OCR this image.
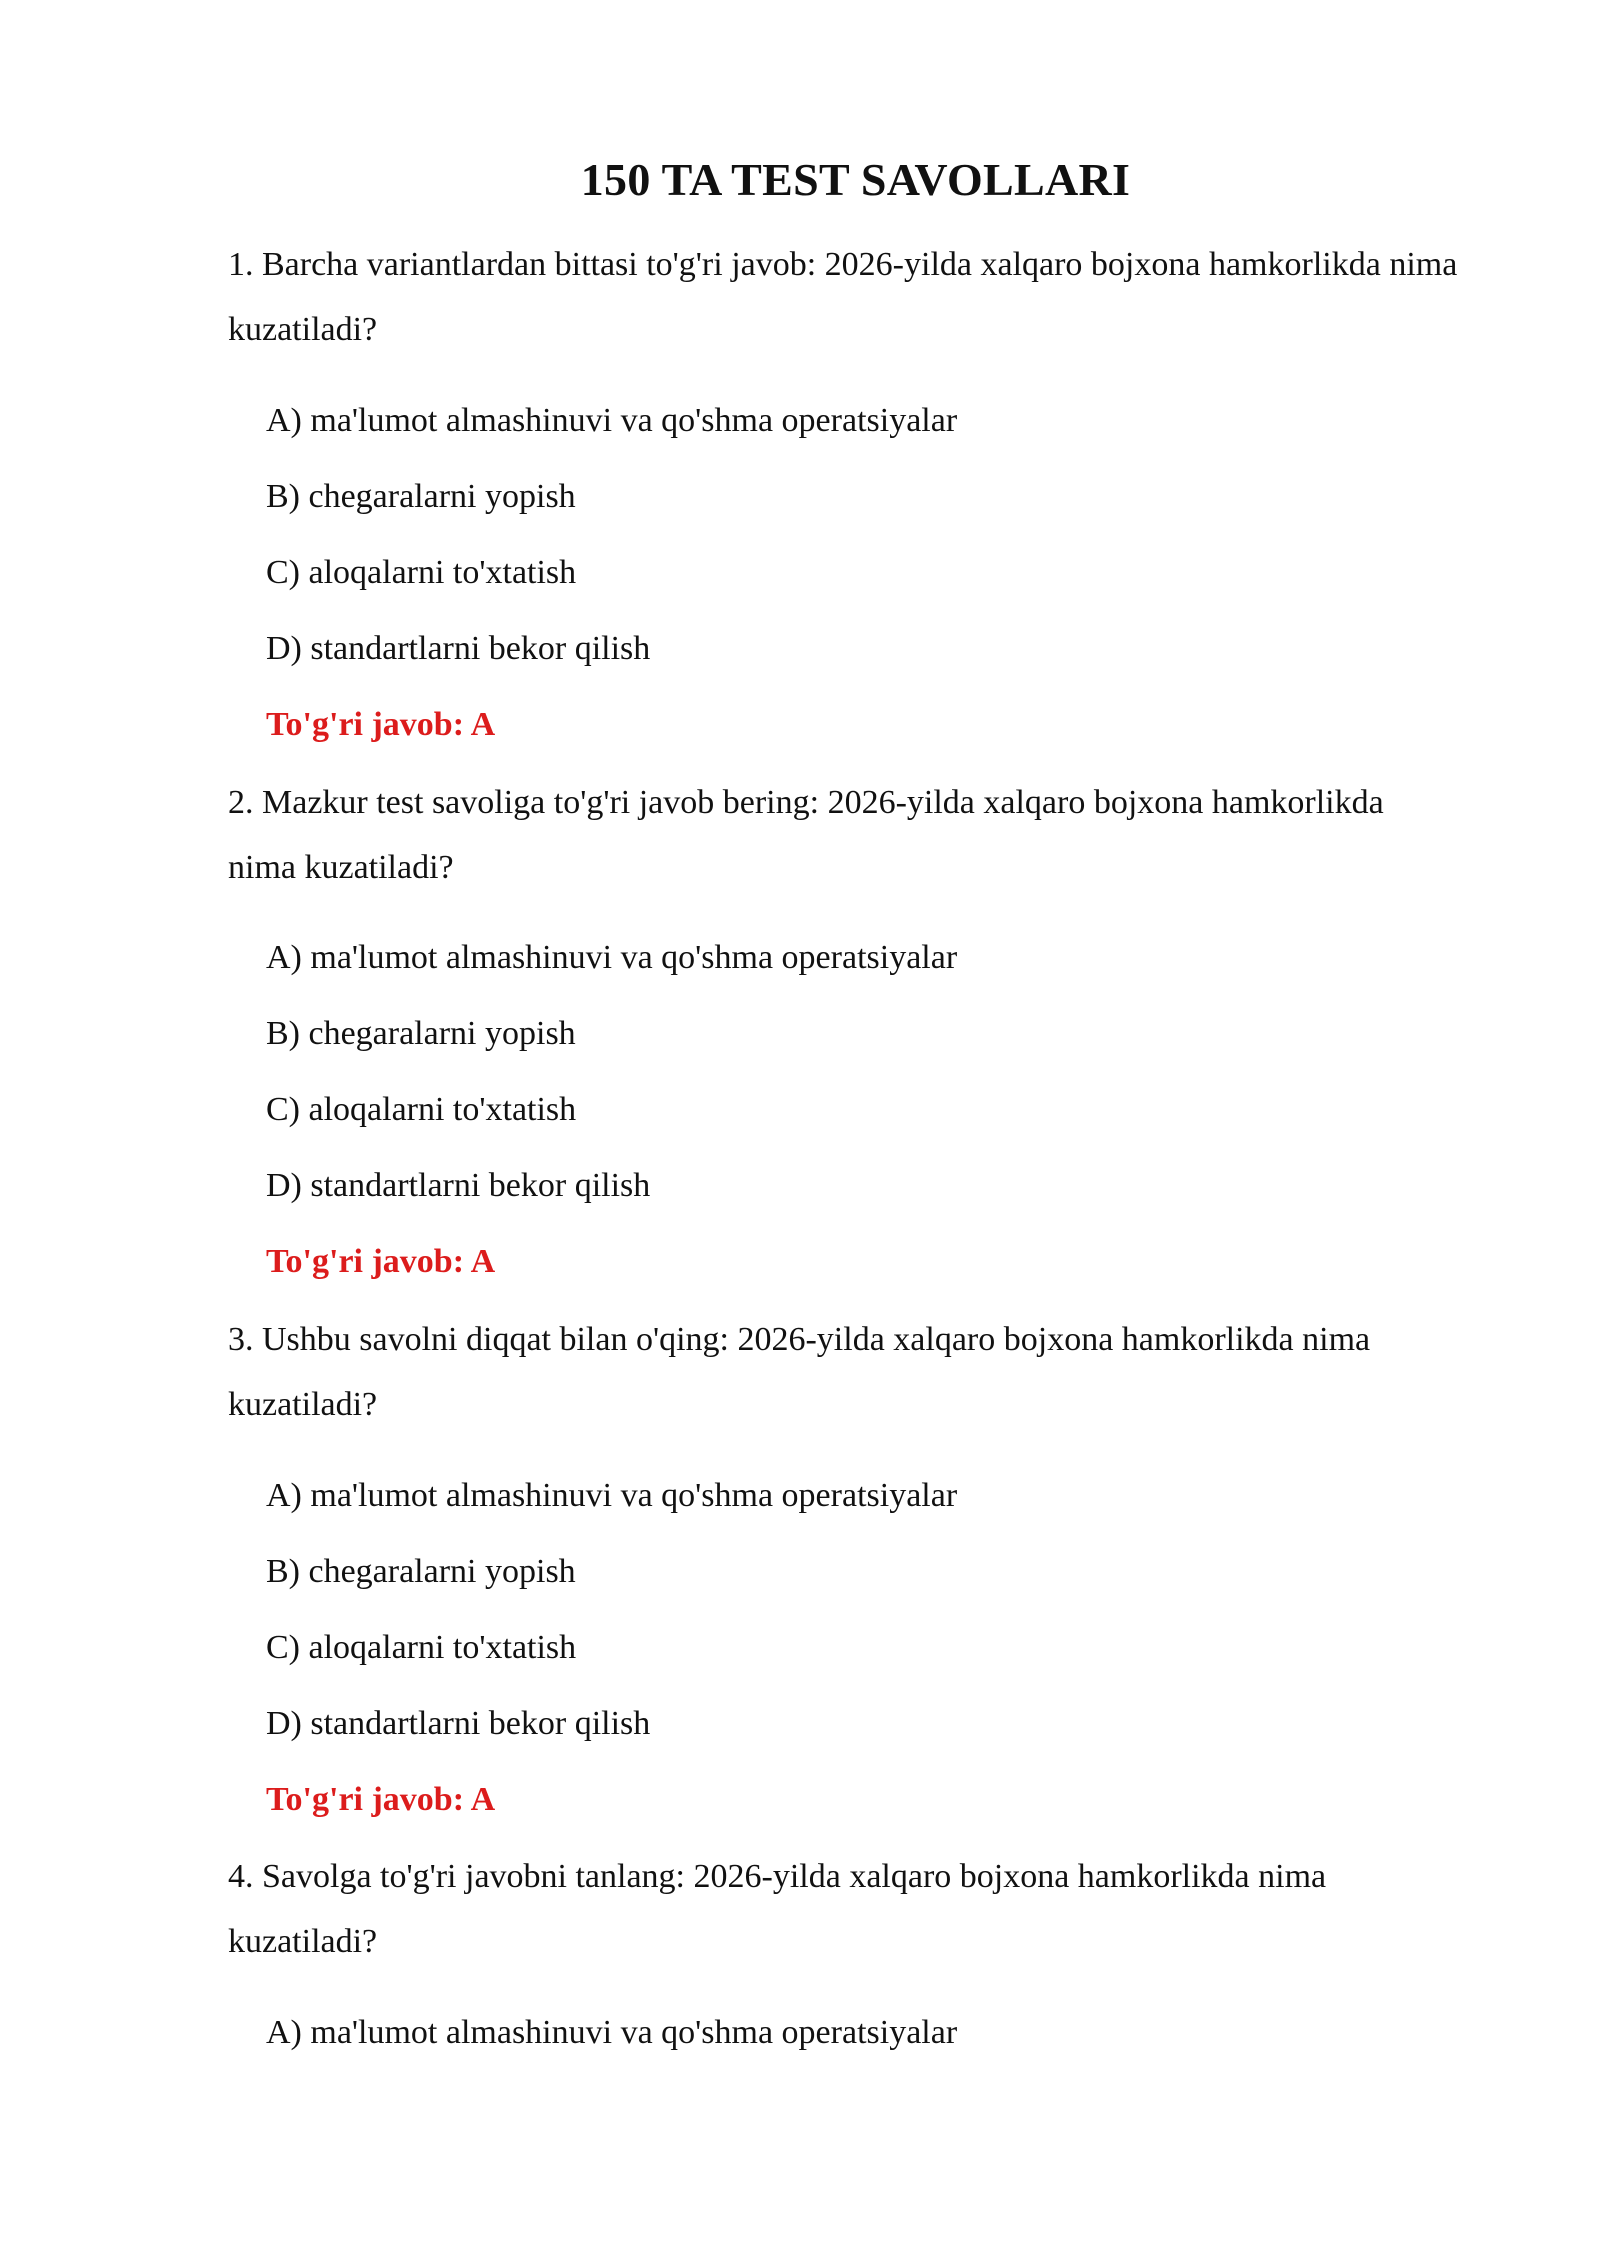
150 TA TEST SAVOLLARI

1. Barcha variantlardan bittasi to'g'ri javob: 2026-yilda xalqaro bojxona hamkorlikda nima kuzatiladi?

A) ma'lumot almashinuvi va qo'shma operatsiyalar

B) chegaralarni yopish

C) aloqalarni to'xtatish

D) standartlarni bekor qilish

To'g'ri javob: A

2. Mazkur test savoliga to'g'ri javob bering: 2026-yilda xalqaro bojxona hamkorlikda nima kuzatiladi?

A) ma'lumot almashinuvi va qo'shma operatsiyalar

B) chegaralarni yopish

C) aloqalarni to'xtatish

D) standartlarni bekor qilish

To'g'ri javob: A

3. Ushbu savolni diqqat bilan o'qing: 2026-yilda xalqaro bojxona hamkorlikda nima kuzatiladi?

A) ma'lumot almashinuvi va qo'shma operatsiyalar

B) chegaralarni yopish

C) aloqalarni to'xtatish

D) standartlarni bekor qilish

To'g'ri javob: A

4. Savolga to'g'ri javobni tanlang: 2026-yilda xalqaro bojxona hamkorlikda nima kuzatiladi?

A) ma'lumot almashinuvi va qo'shma operatsiyalar
